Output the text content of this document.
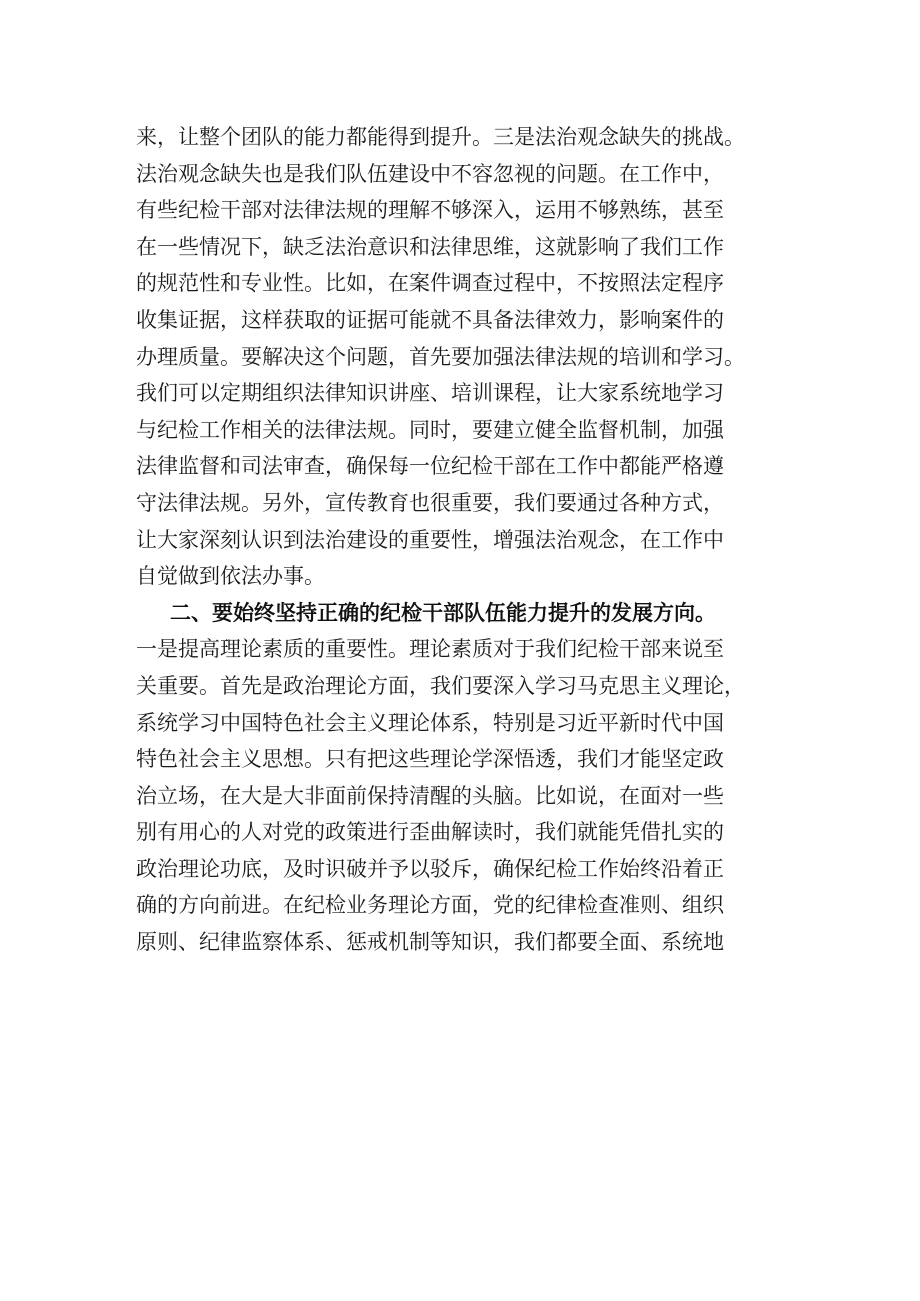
来，让整个团队的能力都能得到提升。三是法治观念缺失的挑战。
法治观念缺失也是我们队伍建设中不容忽视的问题。在工作中，
有些纪检干部对法律法规的理解不够深入，运用不够熟练，甚至
在一些情况下，缺乏法治意识和法律思维，这就影响了我们工作
的规范性和专业性。比如，在案件调查过程中，不按照法定程序
收集证据，这样获取的证据可能就不具备法律效力，影响案件的
办理质量。要解决这个问题，首先要加强法律法规的培训和学习。
我们可以定期组织法律知识讲座、培训课程，让大家系统地学习
与纪检工作相关的法律法规。同时，要建立健全监督机制，加强
法律监督和司法审查，确保每一位纪检干部在工作中都能严格遵
守法律法规。另外，宣传教育也很重要，我们要通过各种方式，
让大家深刻认识到法治建设的重要性，增强法治观念，在工作中
自觉做到依法办事。
二、要始终坚持正确的纪检干部队伍能力提升的发展方向。
一是提高理论素质的重要性。理论素质对于我们纪检干部来说至
关重要。首先是政治理论方面，我们要深入学习马克思主义理论，
系统学习中国特色社会主义理论体系，特别是习近平新时代中国
特色社会主义思想。只有把这些理论学深悟透，我们才能坚定政
治立场，在大是大非面前保持清醒的头脑。比如说，在面对一些
别有用心的人对党的政策进行歪曲解读时，我们就能凭借扎实的
政治理论功底，及时识破并予以驳斥，确保纪检工作始终沿着正
确的方向前进。在纪检业务理论方面，党的纪律检查准则、组织
原则、纪律监察体系、惩戒机制等知识，我们都要全面、系统地
